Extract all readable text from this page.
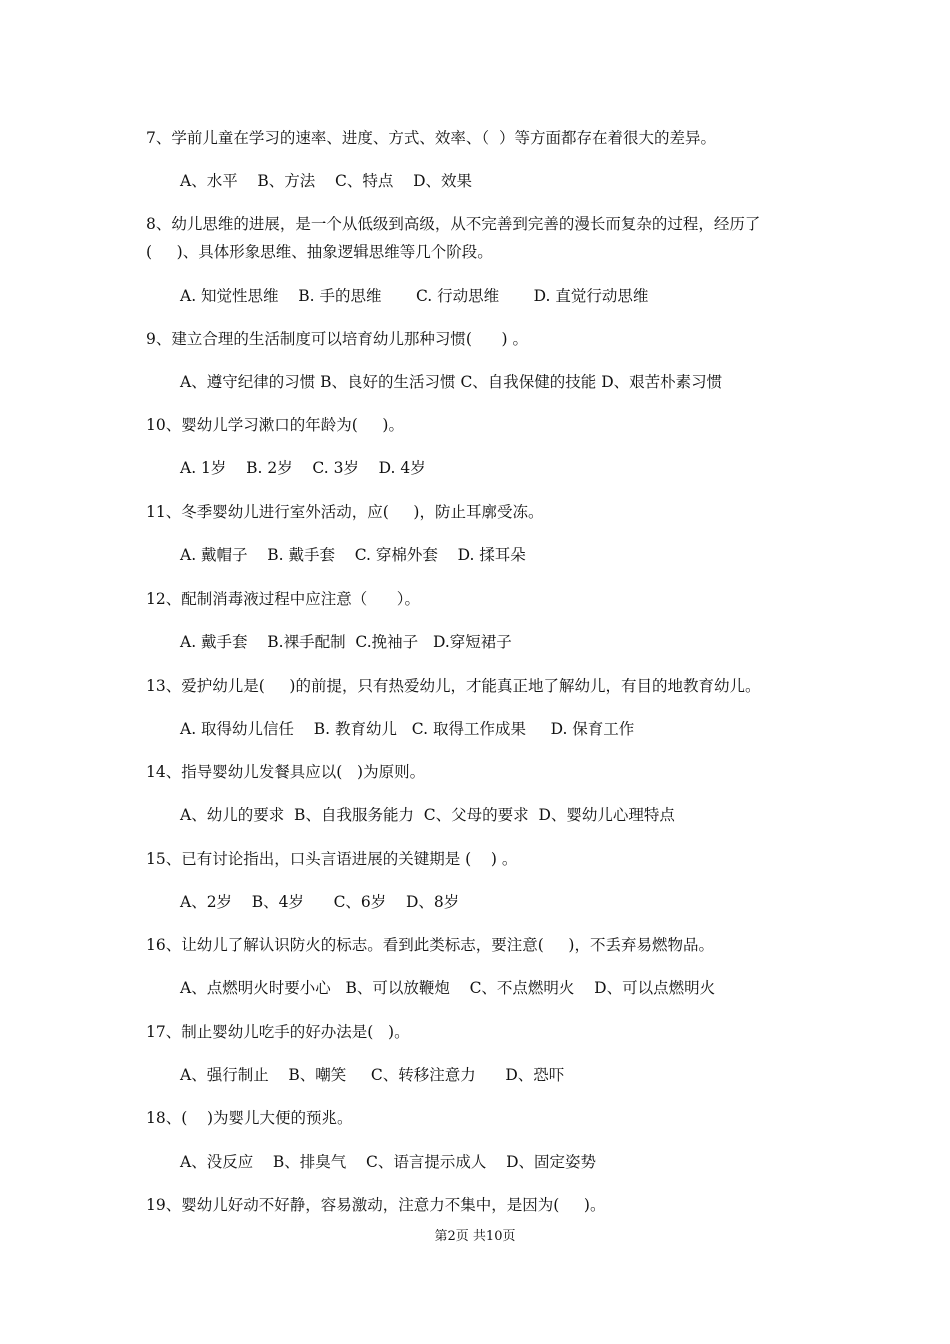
7、学前儿童在学习的速率、进度、方式、效率、（  ）等方面都存在着很大的差异。
A、水平    B、方法    C、特点    D、效果
8、幼儿思维的进展，是一个从低级到高级，从不完善到完善的漫长而复杂的过程，经历了
(     )、具体形象思维、抽象逻辑思维等几个阶段。
A. 知觉性思维    B. 手的思维       C. 行动思维       D. 直觉行动思维
9、建立合理的生活制度可以培育幼儿那种习惯(      ) 。
A、遵守纪律的习惯 B、良好的生活习惯 C、自我保健的技能 D、艰苦朴素习惯
10、婴幼儿学习漱口的年龄为(     )。
A. 1岁    B. 2岁    C. 3岁    D. 4岁
11、冬季婴幼儿进行室外活动，应(     )，防止耳廓受冻。
A. 戴帽子    B. 戴手套    C. 穿棉外套    D. 揉耳朵
12、配制消毒液过程中应注意（      ）。
A. 戴手套    B.裸手配制  C.挽袖子   D.穿短裙子
13、爱护幼儿是(     )的前提，只有热爱幼儿，才能真正地了解幼儿，有目的地教育幼儿。
A. 取得幼儿信任    B. 教育幼儿   C. 取得工作成果     D. 保育工作
14、指导婴幼儿发餐具应以(   )为原则。
A、幼儿的要求  B、自我服务能力  C、父母的要求  D、婴幼儿心理特点
15、已有讨论指出，口头言语进展的关键期是 (    ) 。
A、2岁    B、4岁      C、6岁    D、8岁
16、让幼儿了解认识防火的标志。看到此类标志，要注意(     )，不丢弃易燃物品。
A、点燃明火时要小心   B、可以放鞭炮    C、不点燃明火    D、可以点燃明火
17、制止婴幼儿吃手的好办法是(   )。
A、强行制止    B、嘲笑     C、转移注意力      D、恐吓
18、(    )为婴儿大便的预兆。
A、没反应    B、排臭气    C、语言提示成人    D、固定姿势
19、婴幼儿好动不好静，容易激动，注意力不集中，是因为(     )。
第2页 共10页
